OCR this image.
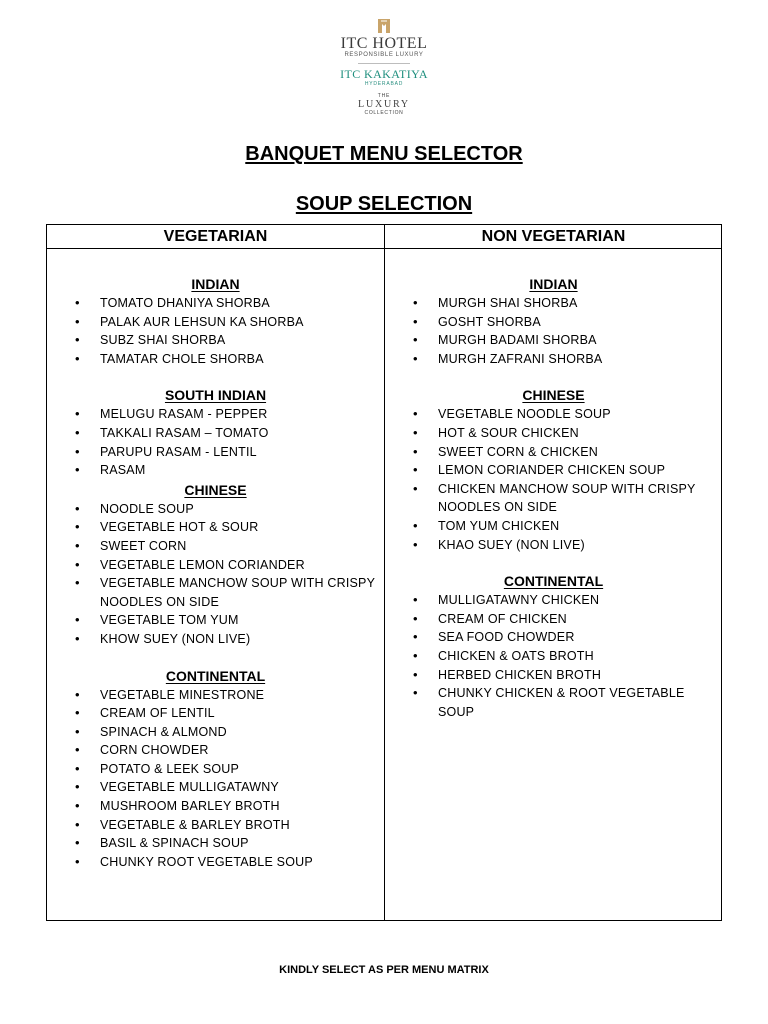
ITC HOTEL
RESPONSIBLE LUXURY
ITC KAKATIYA
HYDERABAD
THE
LUXURY
COLLECTION
BANQUET MENU SELECTOR
SOUP SELECTION
VEGETARIAN	NON VEGETARIAN
INDIAN
• TOMATO DHANIYA SHORBA
• PALAK AUR LEHSUN KA SHORBA
• SUBZ SHAI SHORBA
• TAMATAR CHOLE SHORBA
SOUTH INDIAN
• MELUGU RASAM - PEPPER
• TAKKALI RASAM – TOMATO
• PARUPU RASAM - LENTIL
• RASAM
CHINESE
• NOODLE SOUP
• VEGETABLE HOT & SOUR
• SWEET CORN
• VEGETABLE LEMON CORIANDER
• VEGETABLE MANCHOW SOUP WITH CRISPY NOODLES ON SIDE
• VEGETABLE TOM YUM
• KHOW SUEY (NON LIVE)
CONTINENTAL
• VEGETABLE MINESTRONE
• CREAM OF LENTIL
• SPINACH & ALMOND
• CORN CHOWDER
• POTATO & LEEK SOUP
• VEGETABLE MULLIGATAWNY
• MUSHROOM BARLEY BROTH
• VEGETABLE & BARLEY BROTH
• BASIL & SPINACH SOUP
• CHUNKY ROOT VEGETABLE SOUP
INDIAN
• MURGH SHAI SHORBA
• GOSHT SHORBA
• MURGH BADAMI SHORBA
• MURGH ZAFRANI SHORBA
CHINESE
• VEGETABLE NOODLE SOUP
• HOT & SOUR CHICKEN
• SWEET CORN & CHICKEN
• LEMON CORIANDER CHICKEN SOUP
• CHICKEN MANCHOW SOUP WITH CRISPY NOODLES ON SIDE
• TOM YUM CHICKEN
• KHAO SUEY (NON LIVE)
CONTINENTAL
• MULLIGATAWNY CHICKEN
• CREAM OF CHICKEN
• SEA FOOD CHOWDER
• CHICKEN & OATS BROTH
• HERBED CHICKEN BROTH
• CHUNKY CHICKEN & ROOT VEGETABLE SOUP
KINDLY SELECT AS PER MENU MATRIX
